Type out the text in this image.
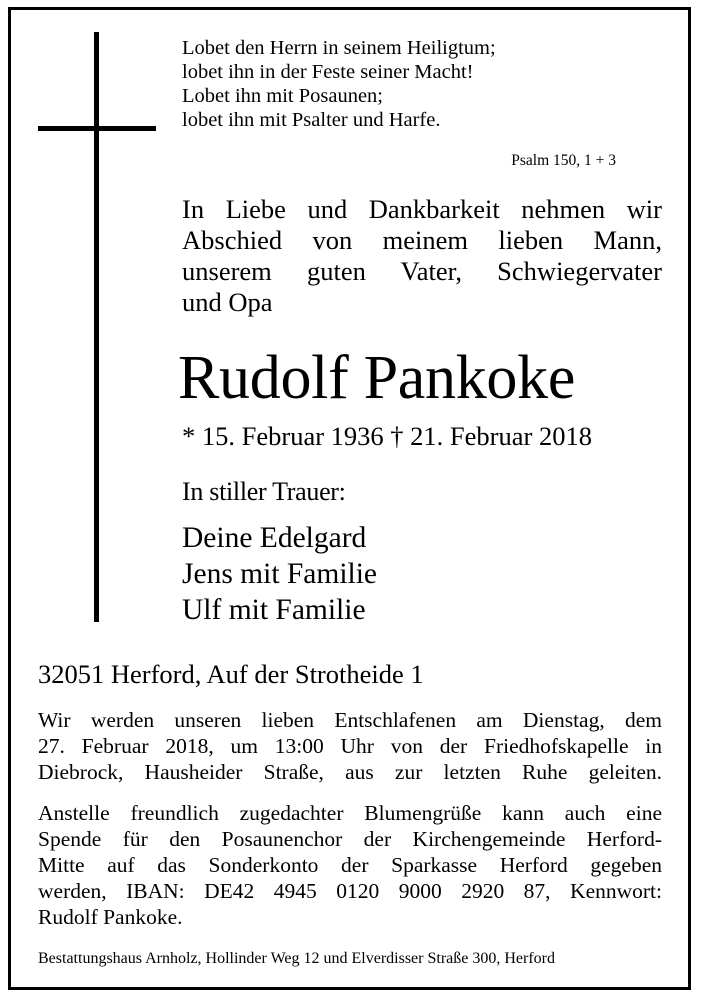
Lobet den Herrn in seinem Heiligtum;
lobet ihn in der Feste seiner Macht!
Lobet ihn mit Posaunen;
lobet ihn mit Psalter und Harfe.
Psalm 150, 1 + 3
In Liebe und Dankbarkeit nehmen wir
Abschied von meinem lieben Mann,
unserem guten Vater, Schwiegervater
und Opa
Rudolf Pankoke
* 15. Februar 1936 † 21. Februar 2018
In stiller Trauer:
Deine Edelgard
Jens mit Familie
Ulf mit Familie
32051 Herford, Auf der Strotheide 1
Wir werden unseren lieben Entschlafenen am Dienstag, dem
27. Februar 2018, um 13:00 Uhr von der Friedhofskapelle in
Diebrock, Hausheider Straße, aus zur letzten Ruhe geleiten.
Anstelle freundlich zugedachter Blumengrüße kann auch eine
Spende für den Posaunenchor der Kirchengemeinde Herford-
Mitte auf das Sonderkonto der Sparkasse Herford gegeben
werden, IBAN: DE42 4945 0120 9000 2920 87, Kennwort:
Rudolf Pankoke.
Bestattungshaus Arnholz, Hollinder Weg 12 und Elverdisser Straße 300, Herford
